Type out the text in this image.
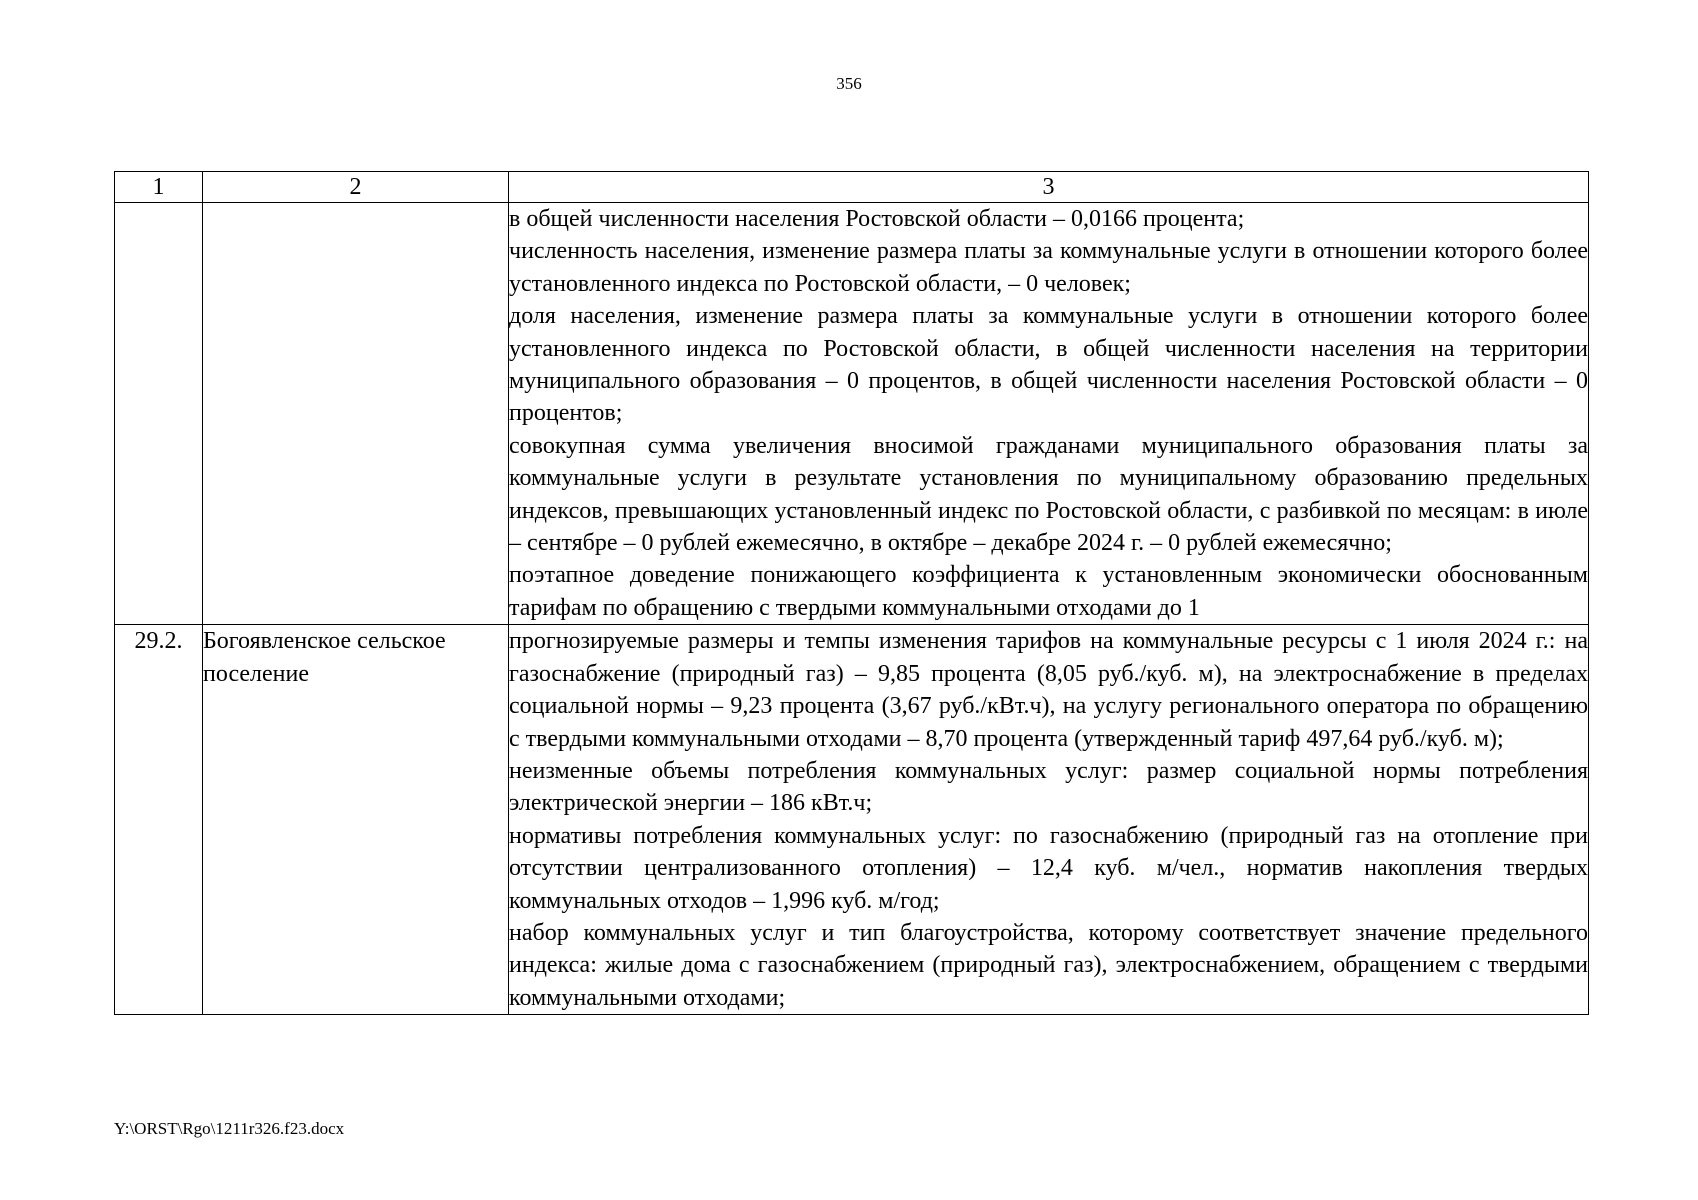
356
1	2	3

		в общей численности населения Ростовской области – 0,0166 процента;

численность населения, изменение размера платы за коммунальные услуги в отношении которого более установленного индекса по Ростовской области, – 0 человек;

доля населения, изменение размера платы за коммунальные услуги в отношении которого более установленного индекса по Ростовской области, в общей численности населения на территории муниципального образования – 0 процентов, в общей численности населения Ростовской области – 0 процентов;

совокупная сумма увеличения вносимой гражданами муниципального образования платы за коммунальные услуги в результате установления по муниципальному образованию предельных индексов, превышающих установленный индекс по Ростовской области, с разбивкой по месяцам: в июле – сентябре – 0 рублей ежемесячно, в октябре – декабре 2024 г. – 0 рублей ежемесячно;

поэтапное доведение понижающего коэффициента к установленным экономически обоснованным тарифам по обращению с твердыми коммунальными отходами до 1

29.2.	Богоявленское сельское поселение	прогнозируемые размеры и темпы изменения тарифов на коммунальные ресурсы с 1 июля 2024 г.: на газоснабжение (природный газ) – 9,85 процента (8,05 руб./куб. м), на электроснабжение в пределах социальной нормы – 9,23 процента (3,67 руб./кВт.ч), на услугу регионального оператора по обращению с твердыми коммунальными отходами – 8,70 процента (утвержденный тариф 497,64 руб./куб. м);

неизменные объемы потребления коммунальных услуг: размер социальной нормы потребления электрической энергии – 186 кВт.ч;

нормативы потребления коммунальных услуг: по газоснабжению (природный газ на отопление при отсутствии централизованного отопления) – 12,4 куб. м/чел., норматив накопления твердых коммунальных отходов – 1,996 куб. м/год;

набор коммунальных услуг и тип благоустройства, которому соответствует значение предельного индекса: жилые дома с газоснабжением (природный газ), электроснабжением, обращением с твердыми коммунальными отходами;

Y:\ORST\Rgo\1211r326.f23.docx
